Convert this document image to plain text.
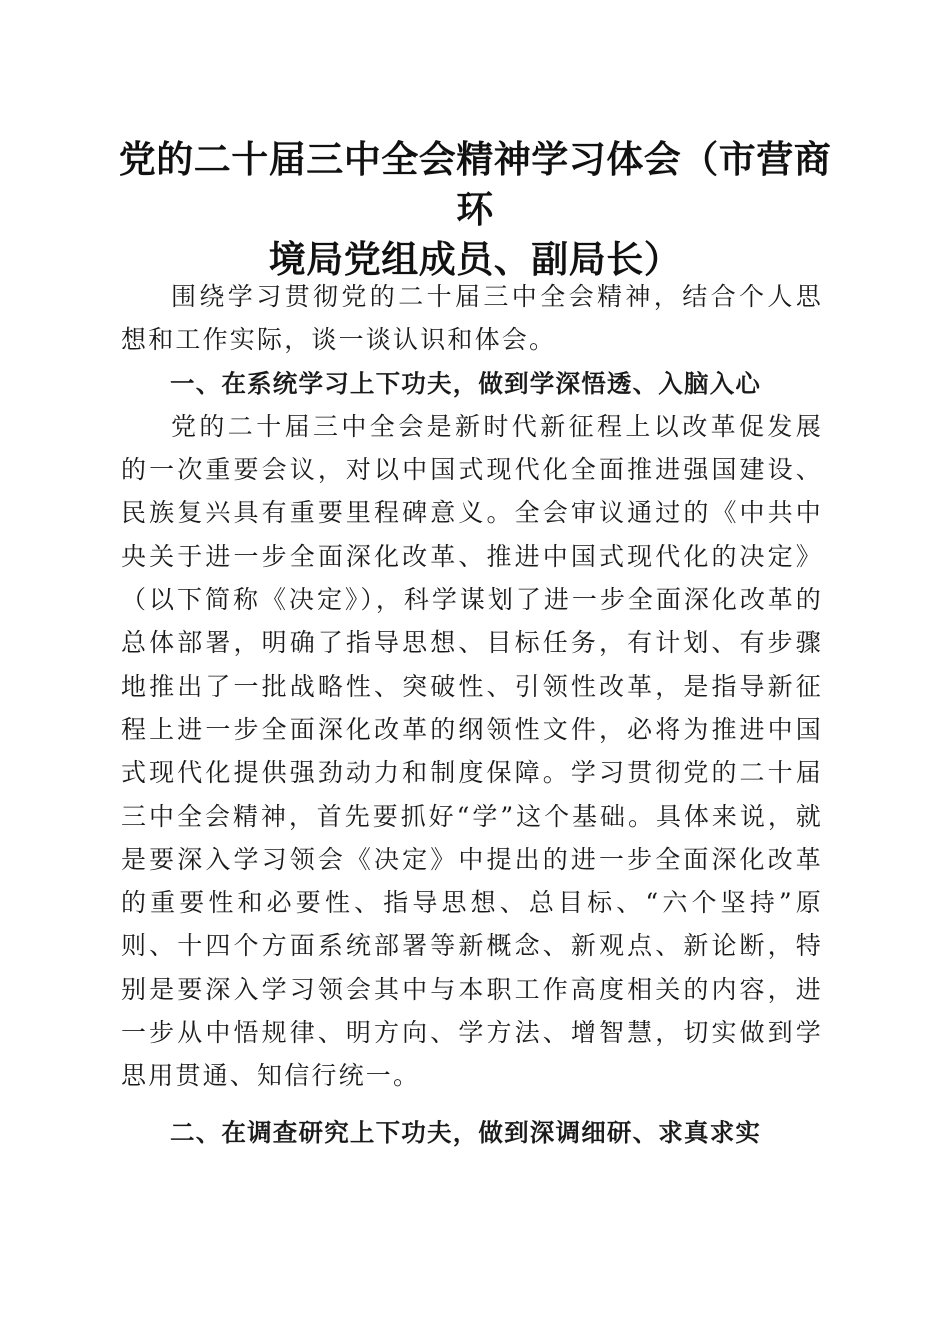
党的二十届三中全会精神学习体会（市营商环
境局党组成员、副局长）

围绕学习贯彻党的二十届三中全会精神，结合个人思想和工作实际，谈一谈认识和体会。

一、在系统学习上下功夫，做到学深悟透、入脑入心

党的二十届三中全会是新时代新征程上以改革促发展的一次重要会议，对以中国式现代化全面推进强国建设、民族复兴具有重要里程碑意义。全会审议通过的《中共中央关于进一步全面深化改革、推进中国式现代化的决定》（以下简称《决定》），科学谋划了进一步全面深化改革的总体部署，明确了指导思想、目标任务，有计划、有步骤地推出了一批战略性、突破性、引领性改革，是指导新征程上进一步全面深化改革的纲领性文件，必将为推进中国式现代化提供强劲动力和制度保障。学习贯彻党的二十届三中全会精神，首先要抓好“学”这个基础。具体来说，就是要深入学习领会《决定》中提出的进一步全面深化改革的重要性和必要性、指导思想、总目标、“六个坚持”原则、十四个方面系统部署等新概念、新观点、新论断，特别是要深入学习领会其中与本职工作高度相关的内容，进一步从中悟规律、明方向、学方法、增智慧，切实做到学思用贯通、知信行统一。

二、在调查研究上下功夫，做到深调细研、求真求实
